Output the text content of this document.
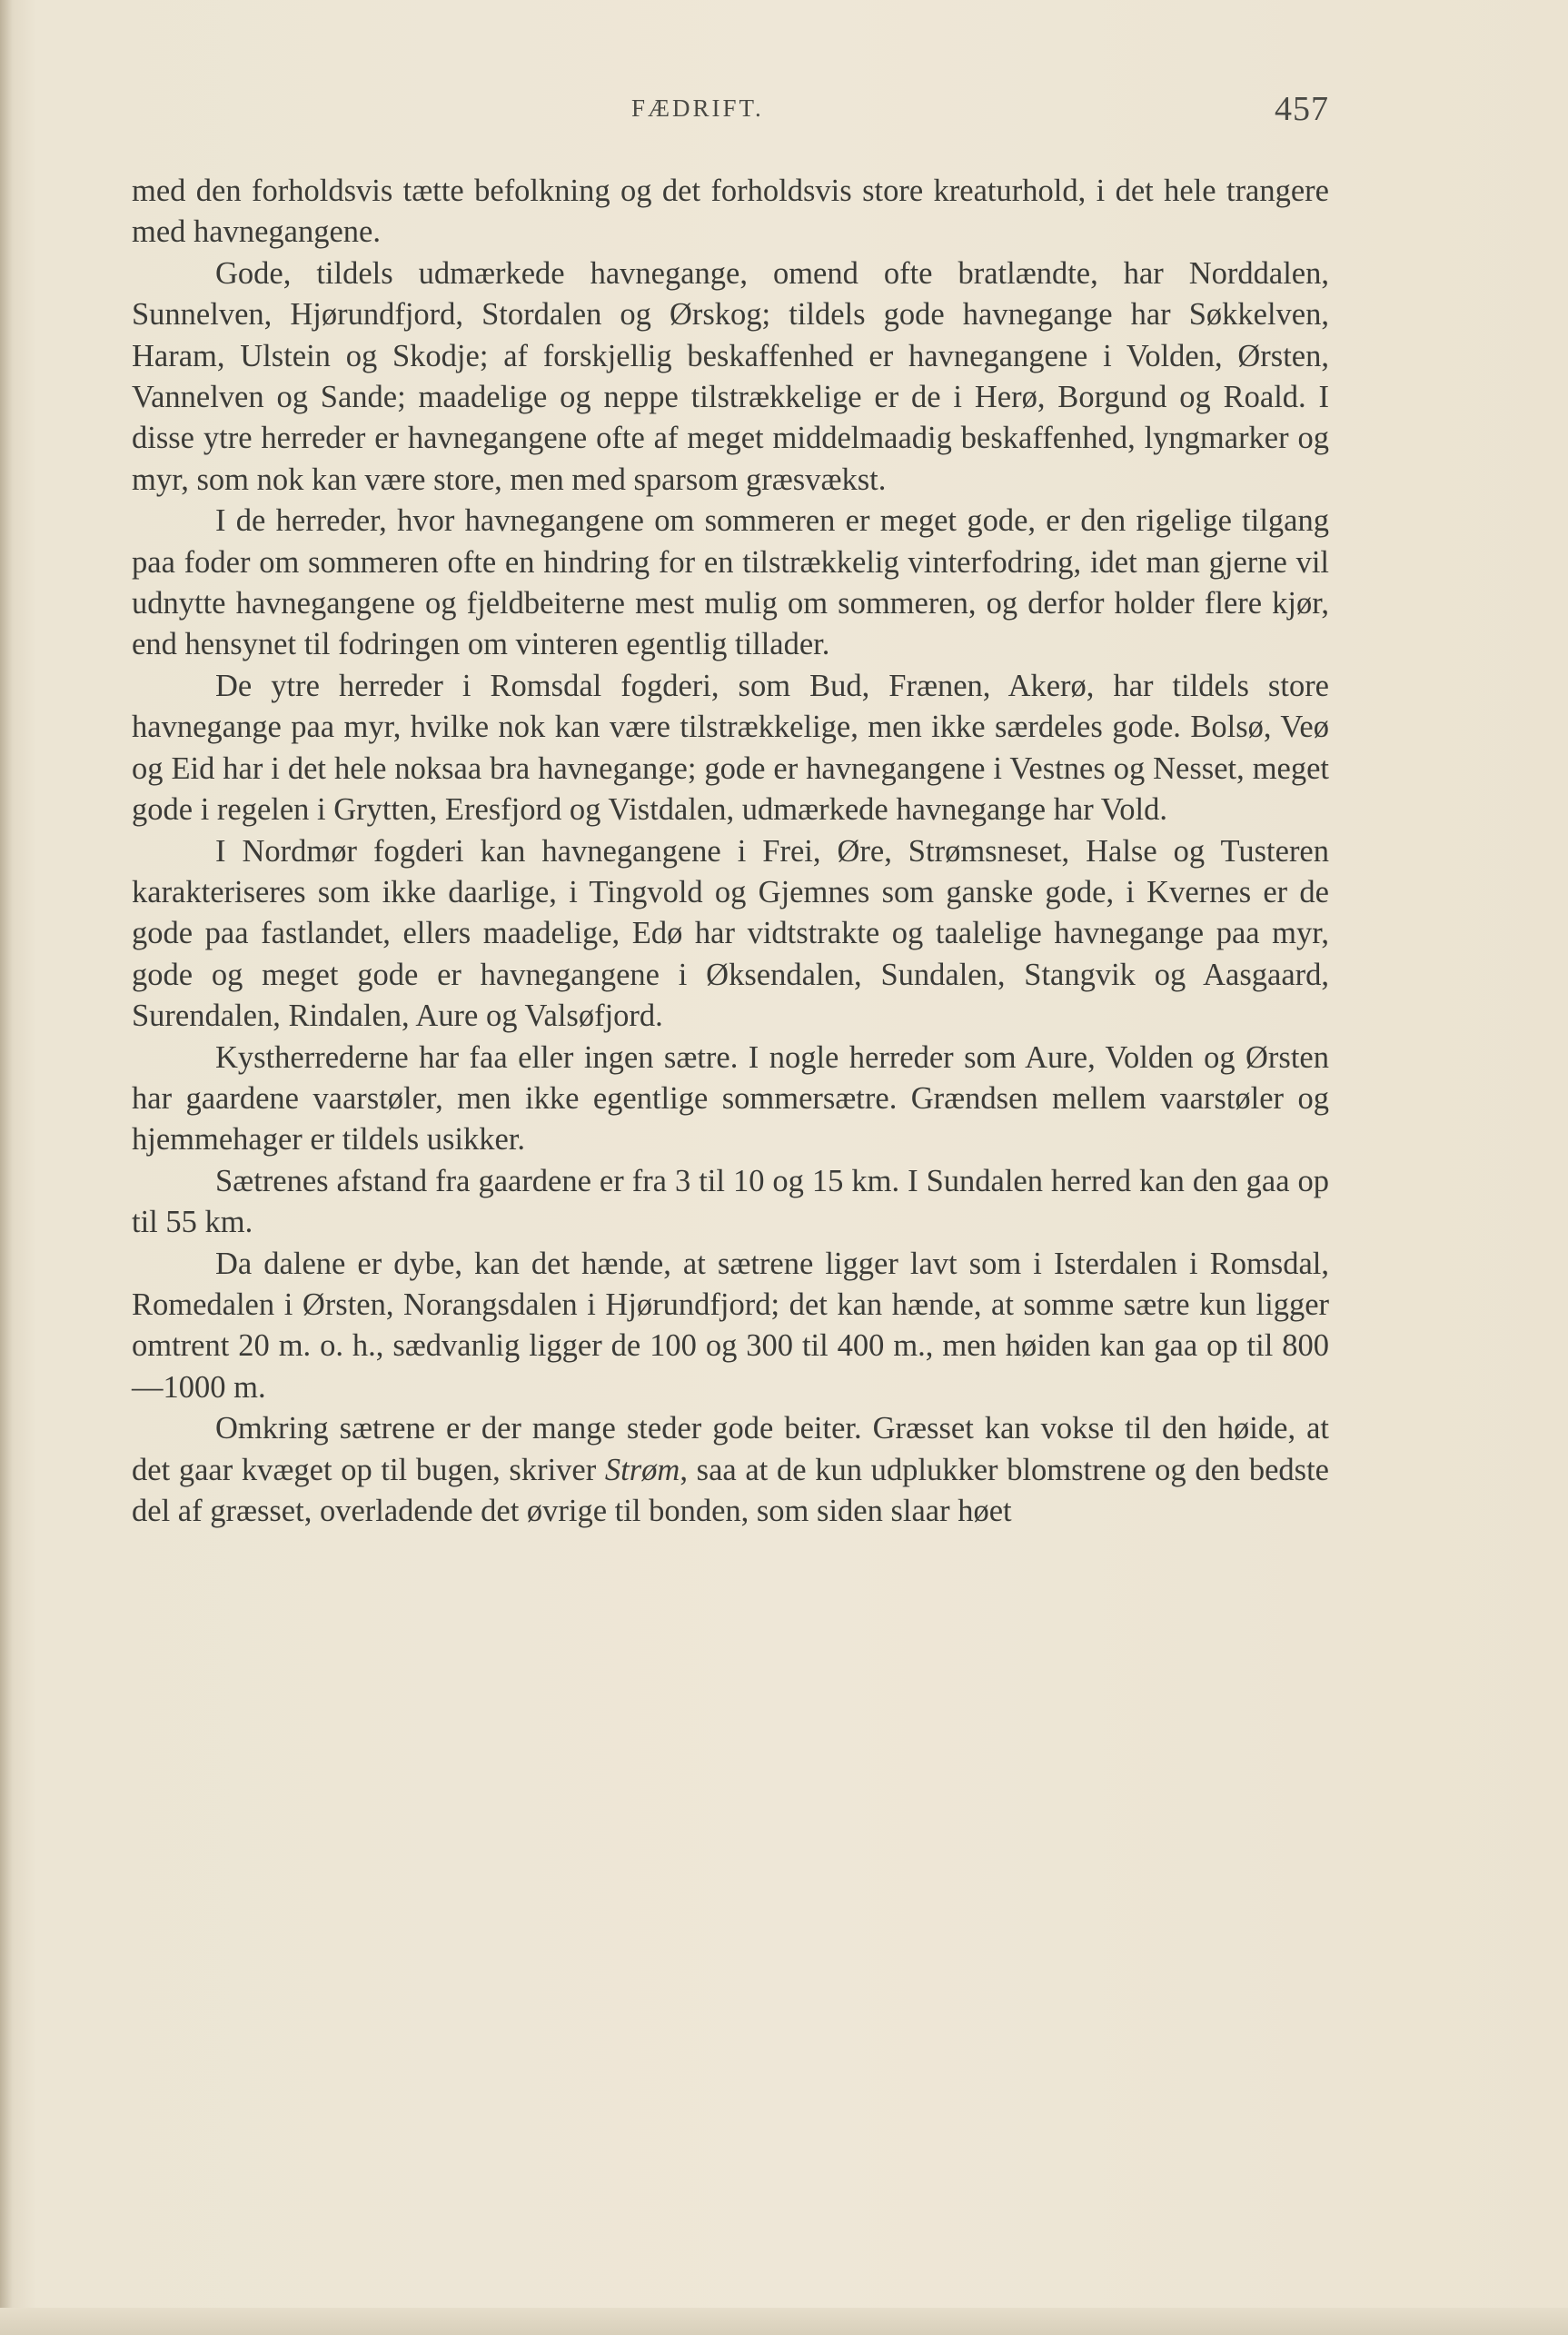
FÆDRIFT.	457

med den forholdsvis tætte befolkning og det forholdsvis store kreaturhold, i det hele trangere med havnegangene.

Gode, tildels udmærkede havnegange, omend ofte bratlændte, har Norddalen, Sunnelven, Hjørundfjord, Stordalen og Ørskog; tildels gode havnegange har Søkkelven, Haram, Ulstein og Skodje; af forskjellig beskaffenhed er havnegangene i Volden, Ørsten, Vannelven og Sande; maadelige og neppe tilstrækkelige er de i Herø, Borgund og Roald. I disse ytre herreder er havnegangene ofte af meget middelmaadig beskaffenhed, lyngmarker og myr, som nok kan være store, men med sparsom græsvækst.

I de herreder, hvor havnegangene om sommeren er meget gode, er den rigelige tilgang paa foder om sommeren ofte en hindring for en tilstrækkelig vinterfodring, idet man gjerne vil udnytte havnegangene og fjeldbeiterne mest mulig om sommeren, og derfor holder flere kjør, end hensynet til fodringen om vinteren egentlig tillader.

De ytre herreder i Romsdal fogderi, som Bud, Frænen, Akerø, har tildels store havnegange paa myr, hvilke nok kan være tilstrækkelige, men ikke særdeles gode. Bolsø, Veø og Eid har i det hele noksaa bra havnegange; gode er havnegangene i Vestnes og Nesset, meget gode i regelen i Grytten, Eresfjord og Vistdalen, udmærkede havnegange har Vold.

I Nordmør fogderi kan havnegangene i Frei, Øre, Strømsneset, Halse og Tusteren karakteriseres som ikke daarlige, i Tingvold og Gjemnes som ganske gode, i Kvernes er de gode paa fastlandet, ellers maadelige, Edø har vidtstrakte og taalelige havnegange paa myr, gode og meget gode er havnegangene i Øksendalen, Sundalen, Stangvik og Aasgaard, Surendalen, Rindalen, Aure og Valsøfjord.

Kystherrederne har faa eller ingen sætre. I nogle herreder som Aure, Volden og Ørsten har gaardene vaarstøler, men ikke egentlige sommersætre. Grændsen mellem vaarstøler og hjemmehager er tildels usikker.

Sætrenes afstand fra gaardene er fra 3 til 10 og 15 km. I Sundalen herred kan den gaa op til 55 km.

Da dalene er dybe, kan det hænde, at sætrene ligger lavt som i Isterdalen i Romsdal, Romedalen i Ørsten, Norangsdalen i Hjørundfjord; det kan hænde, at somme sætre kun ligger omtrent 20 m. o. h., sædvanlig ligger de 100 og 300 til 400 m., men høiden kan gaa op til 800—1000 m.

Omkring sætrene er der mange steder gode beiter. Græsset kan vokse til den høide, at det gaar kvæget op til bugen, skriver Strøm, saa at de kun udplukker blomstrene og den bedste del af græsset, overladende det øvrige til bonden, som siden slaar høet
